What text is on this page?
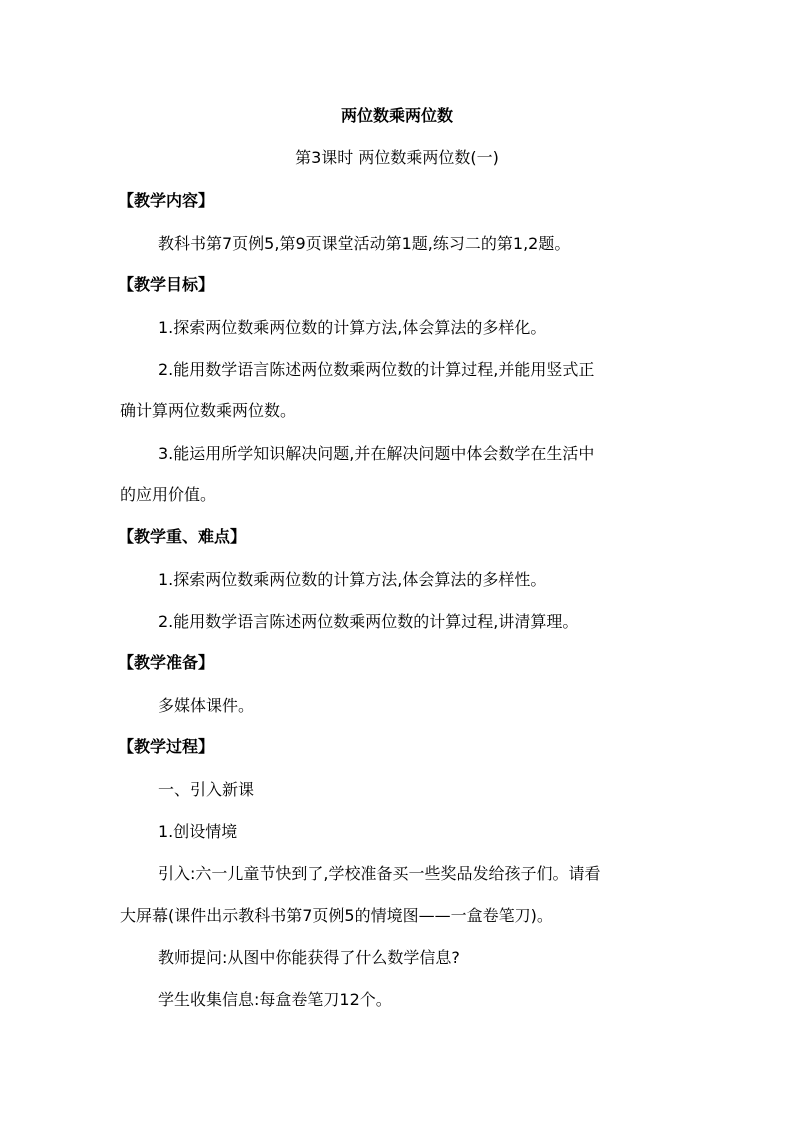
两位数乘两位数
第3课时 两位数乘两位数(一)
【教学内容】
教科书第7页例5,第9页课堂活动第1题,练习二的第1,2题。
【教学目标】
1.探索两位数乘两位数的计算方法,体会算法的多样化。
2.能用数学语言陈述两位数乘两位数的计算过程,并能用竖式正
确计算两位数乘两位数。
3.能运用所学知识解决问题,并在解决问题中体会数学在生活中
的应用价值。
【教学重、难点】
1.探索两位数乘两位数的计算方法,体会算法的多样性。
2.能用数学语言陈述两位数乘两位数的计算过程,讲清算理。
【教学准备】
多媒体课件。
【教学过程】
一、引入新课
1.创设情境
引入:六一儿童节快到了,学校准备买一些奖品发给孩子们。请看
大屏幕(课件出示教科书第7页例5的情境图——一盒卷笔刀)。
教师提问:从图中你能获得了什么数学信息?
学生收集信息:每盒卷笔刀12个。
